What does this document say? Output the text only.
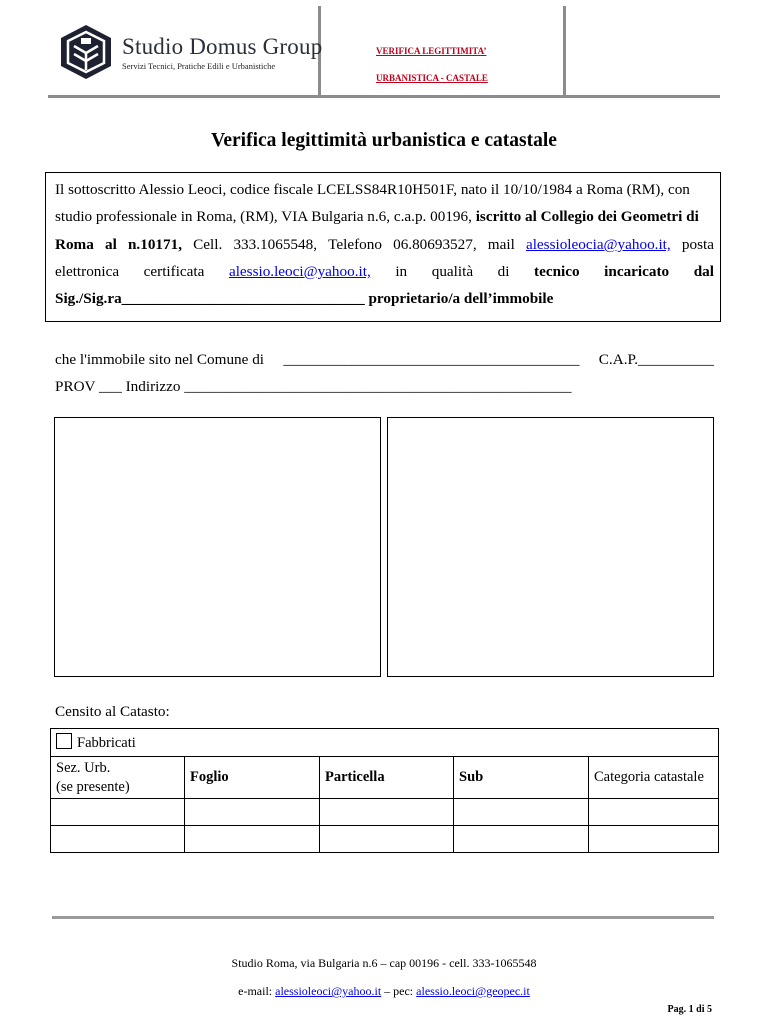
Studio Domus Group
Servizi Tecnici, Pratiche Edili e Urbanistiche
VERIFICA LEGITTIMITA’
URBANISTICA - CASTALE
Verifica legittimità urbanistica e catastale
Il sottoscritto Alessio Leoci, codice fiscale LCELSS84R10H501F, nato il 10/10/1984 a Roma (RM), con
studio professionale in Roma, (RM), VIA Bulgaria n.6, c.a.p. 00196, iscritto al Collegio dei Geometri di
Roma al n.10171, Cell. 333.1065548, Telefono 06.80693527, mail alessioleocia@yahoo.it, posta
elettronica certificata alessio.leoci@yahoo.it, in qualità di tecnico incaricato dal
Sig./Sig.ra________________________________ proprietario/a dell’immobile
che l'immobile sito nel Comune di _______________________________________ C.A.P.__________
PROV ___ Indirizzo ___________________________________________________
Censito al Catasto:
Fabbricati				

Sez. Urb.
(se presente)	Foglio	Particella	Sub	Categoria catastale

Studio Roma, via Bulgaria n.6 – cap 00196 - cell. 333-1065548
e-mail: alessioleoci@yahoo.it – pec: alessio.leoci@geopec.it
Pag. 1 di 5
